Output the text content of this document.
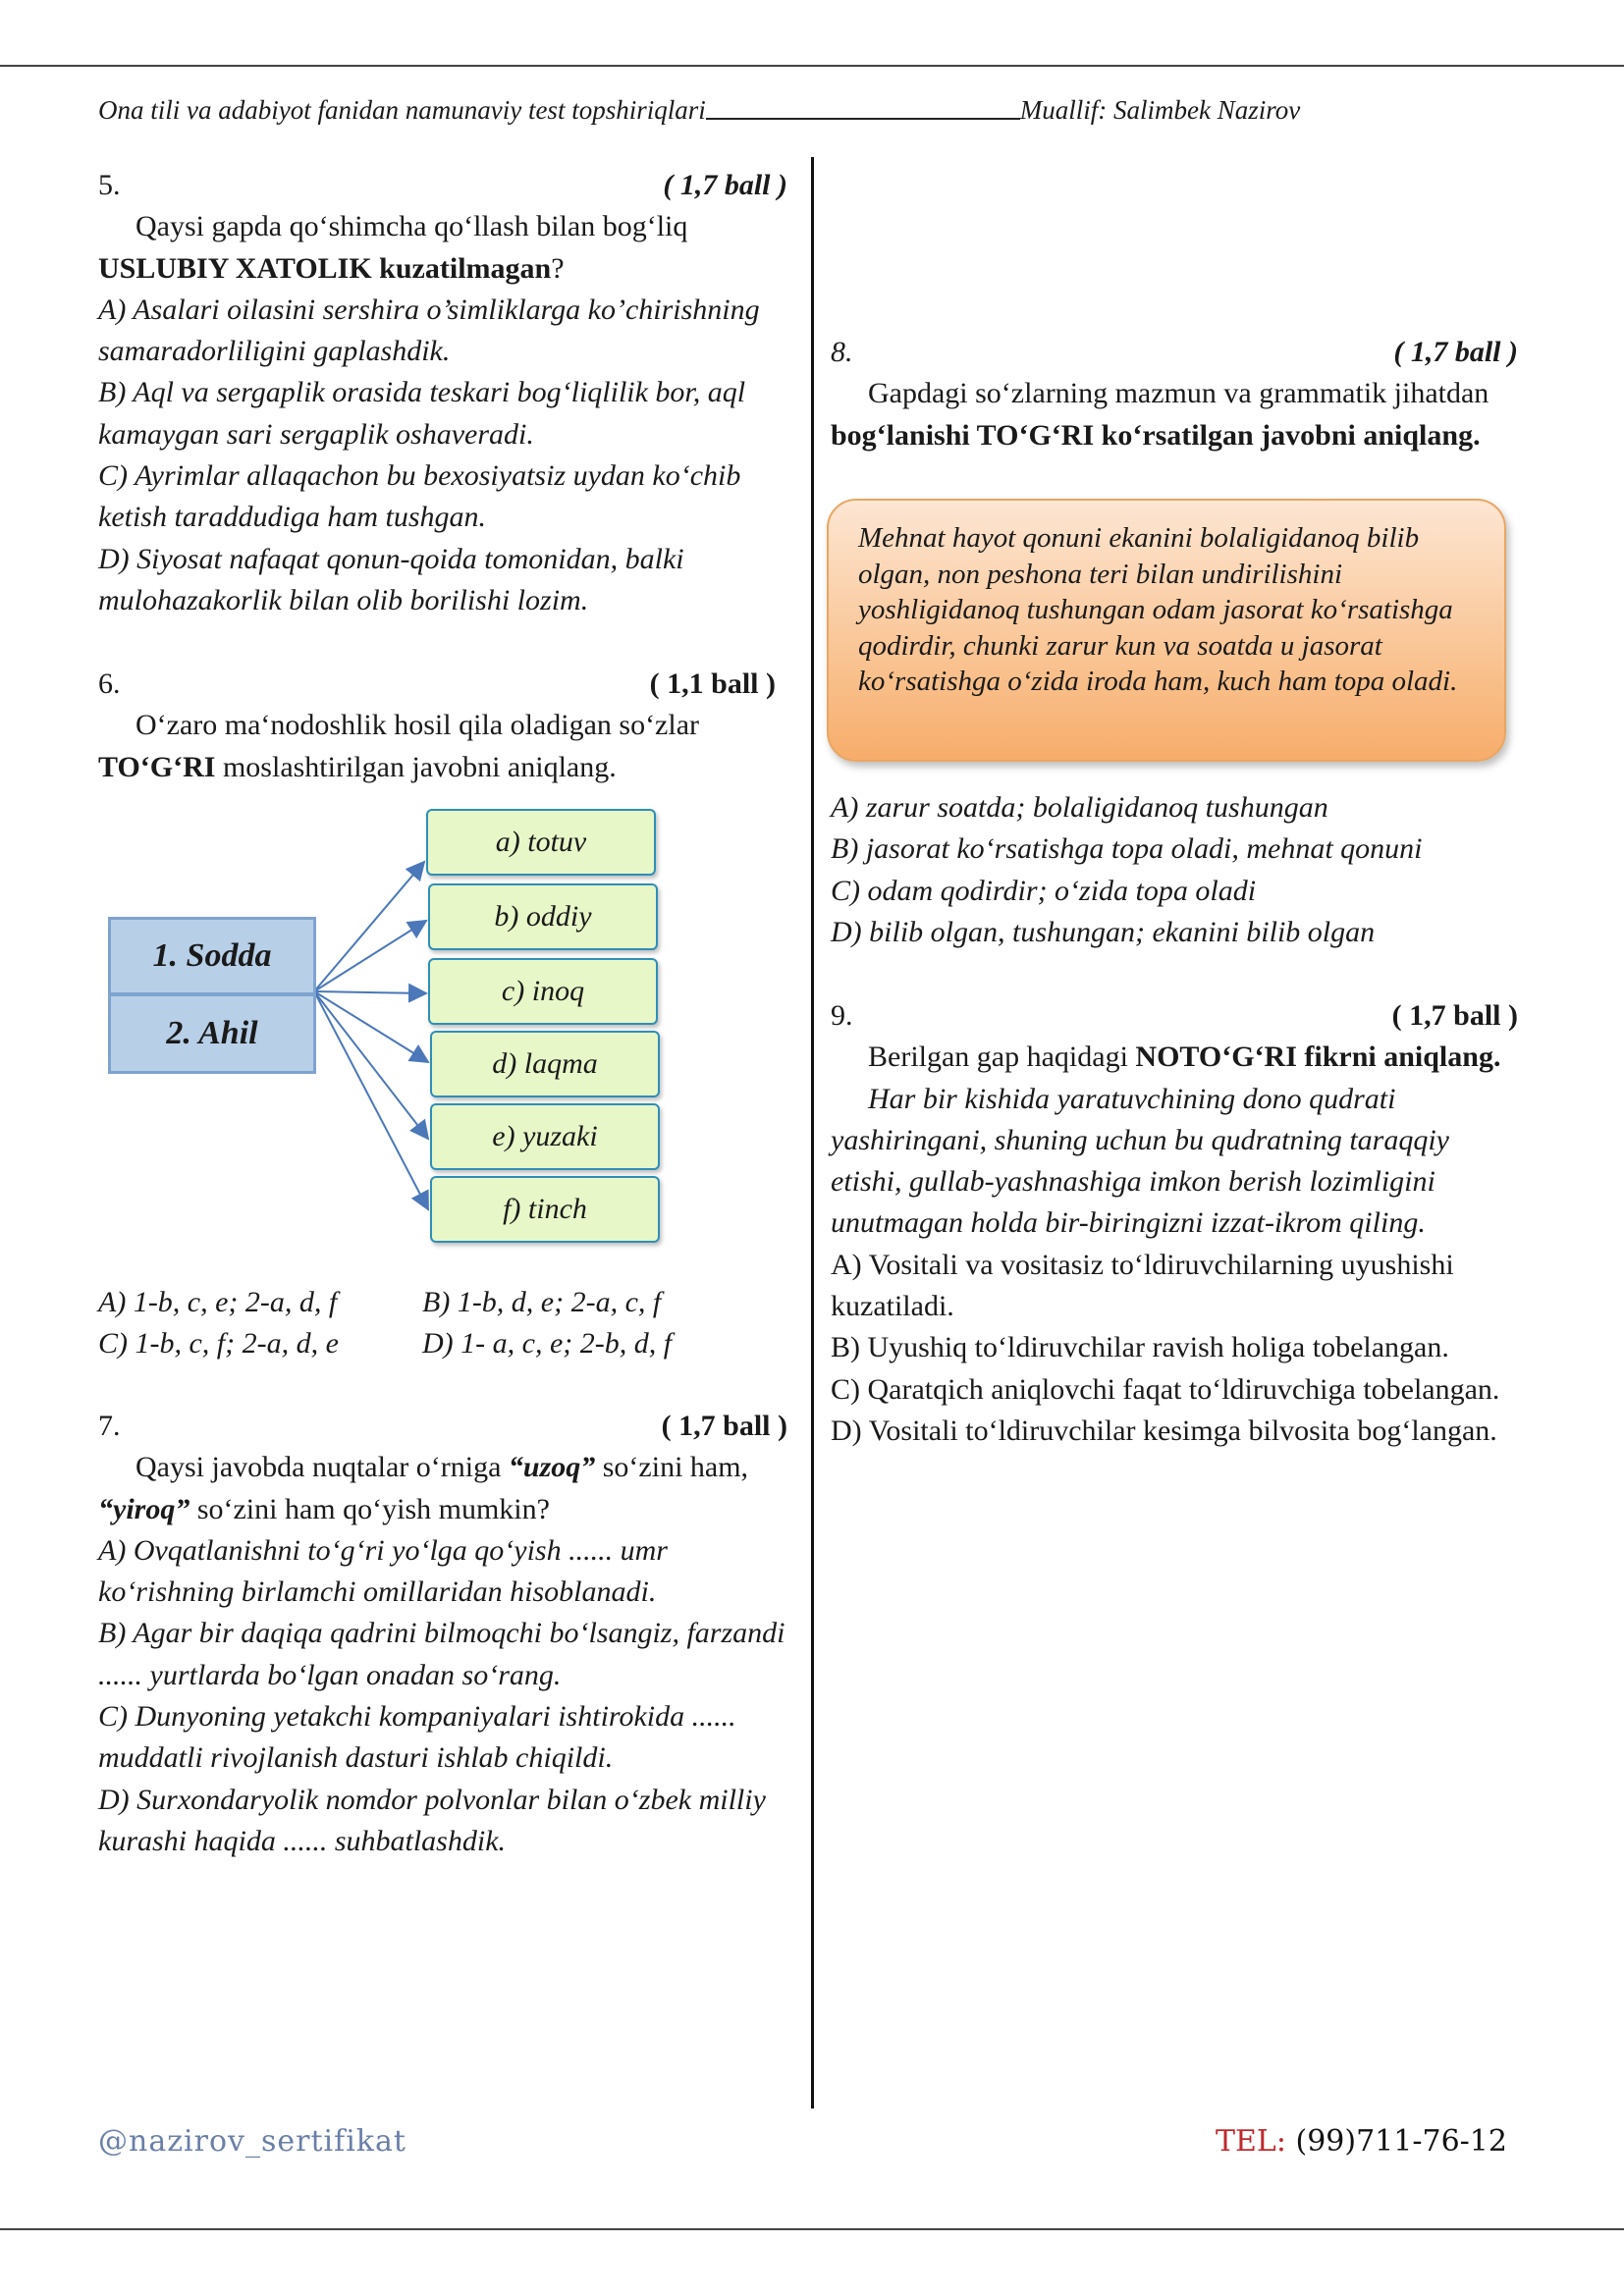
Ona tili va adabiyot fanidan namunaviy test topshiriqlari	Muallif: Salimbek Nazirov
5.	( 1,7 ball )

Qaysi gapda qo‘shimcha qo‘llash bilan bog‘liq USLUBIY XATOLIK kuzatilmagan?

A) Asalari oilasini sershira o’simliklarga ko’chirishning samaradorliligini gaplashdik.

B) Aql va sergaplik orasida teskari bog‘liqlilik bor, aql kamaygan sari sergaplik oshaveradi.

C) Ayrimlar allaqachon bu bexosiyatsiz uydan ko‘chib ketish taraddudiga ham tushgan.

D) Siyosat nafaqat qonun-qoida tomonidan, balki mulohazakorlik bilan olib borilishi lozim.

6.	( 1,1 ball )

O‘zaro ma‘nodoshlik hosil qila oladigan so‘zlar TO‘G‘RI moslashtirilgan javobni aniqlang.

1. Sodda
2. Ahil
a) totuv
b) oddiy
c) inoq
d) laqma
e) yuzaki
f) tinch
A) 1-b, c, e; 2-a, d, f	B) 1-b, d, e; 2-a, c, f
C) 1-b, c, f; 2-a, d, e	D) 1- a, c, e; 2-b, d, f
7.	( 1,7 ball )

Qaysi javobda nuqtalar o‘rniga “uzoq” so‘zini ham, “yiroq” so‘zini ham qo‘yish mumkin?

A) Ovqatlanishni to‘g‘ri yo‘lga qo‘yish ...... umr ko‘rishning birlamchi omillaridan hisoblanadi.

B) Agar bir daqiqa qadrini bilmoqchi bo‘lsangiz, farzandi ...... yurtlarda bo‘lgan onadan so‘rang.

C) Dunyoning yetakchi kompaniyalari ishtirokida ...... muddatli rivojlanish dasturi ishlab chiqildi.

D) Surxondaryolik nomdor polvonlar bilan o‘zbek milliy kurashi haqida ...... suhbatlashdik.

8.	( 1,7 ball )

Gapdagi so‘zlarning mazmun va grammatik jihatdan bog‘lanishi TO‘G‘RI ko‘rsatilgan javobni aniqlang.

Mehnat hayot qonuni ekanini bolaligidanoq bilib olgan, non peshona teri bilan undirilishini yoshligidanoq tushungan odam jasorat ko‘rsatishga qodirdir, chunki zarur kun va soatda u jasorat ko‘rsatishga o‘zida iroda ham, kuch ham topa oladi.

A) zarur soatda; bolaligidanoq tushungan

B) jasorat ko‘rsatishga topa oladi, mehnat qonuni

C) odam qodirdir; o‘zida topa oladi

D) bilib olgan, tushungan; ekanini bilib olgan

9.	( 1,7 ball )

Berilgan gap haqidagi NOTO‘G‘RI fikrni aniqlang.

Har bir kishida yaratuvchining dono qudrati yashiringani, shuning uchun bu qudratning taraqqiy etishi, gullab-yashnashiga imkon berish lozimligini unutmagan holda bir-biringizni izzat-ikrom qiling.

A) Vositali va vositasiz to‘ldiruvchilarning uyushishi kuzatiladi.

B) Uyushiq to‘ldiruvchilar ravish holiga tobelangan.

C) Qaratqich aniqlovchi faqat to‘ldiruvchiga tobelangan.

D) Vositali to‘ldiruvchilar kesimga bilvosita bog‘langan.

@nazirov_sertifikat	TEL: (99)711-76-12
